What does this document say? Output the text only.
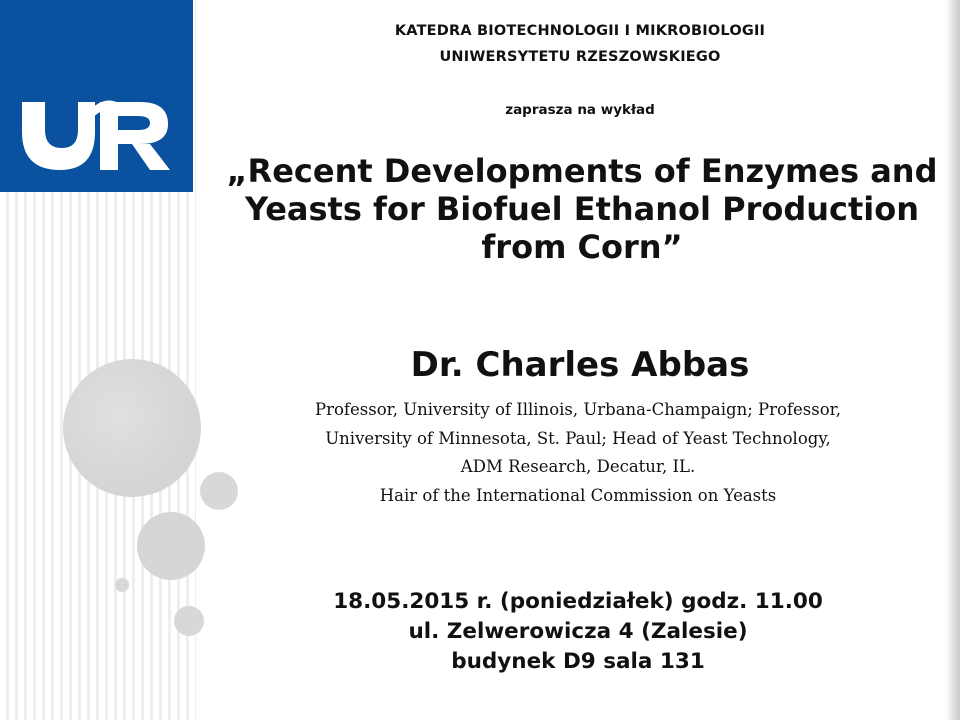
KATEDRA BIOTECHNOLOGII I MIKROBIOLOGII
UNIWERSYTETU RZESZOWSKIEGO
zaprasza na wykład
„Recent Developments of Enzymes and
Yeasts for Biofuel Ethanol Production
from Corn”
Dr. Charles Abbas
Professor, University of Illinois, Urbana-Champaign; Professor,
University of Minnesota, St. Paul; Head of Yeast Technology,
ADM Research, Decatur, IL.
Hair of the International Commission on Yeasts
18.05.2015 r. (poniedziałek) godz. 11.00
ul. Zelwerowicza 4 (Zalesie)
budynek D9 sala 131
